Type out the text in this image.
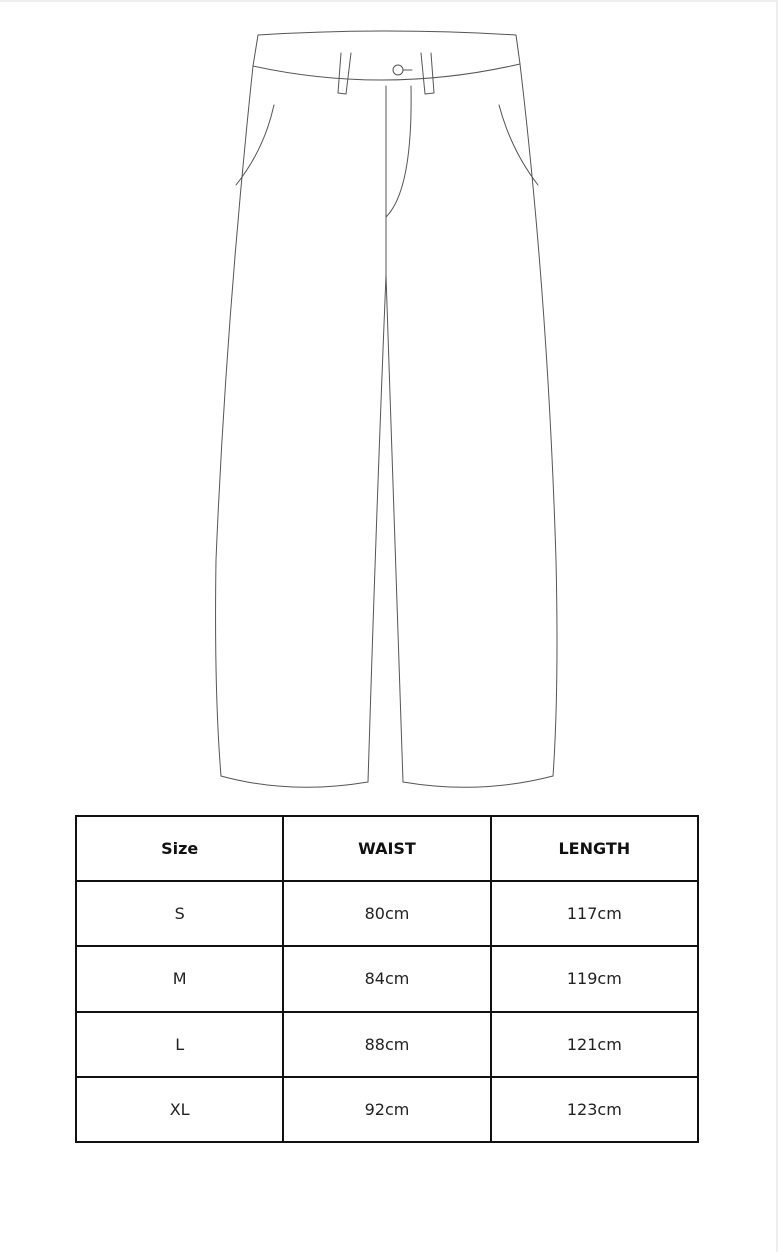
Size	WAIST	LENGTH
S	80cm	117cm
M	84cm	119cm
L	88cm	121cm
XL	92cm	123cm
